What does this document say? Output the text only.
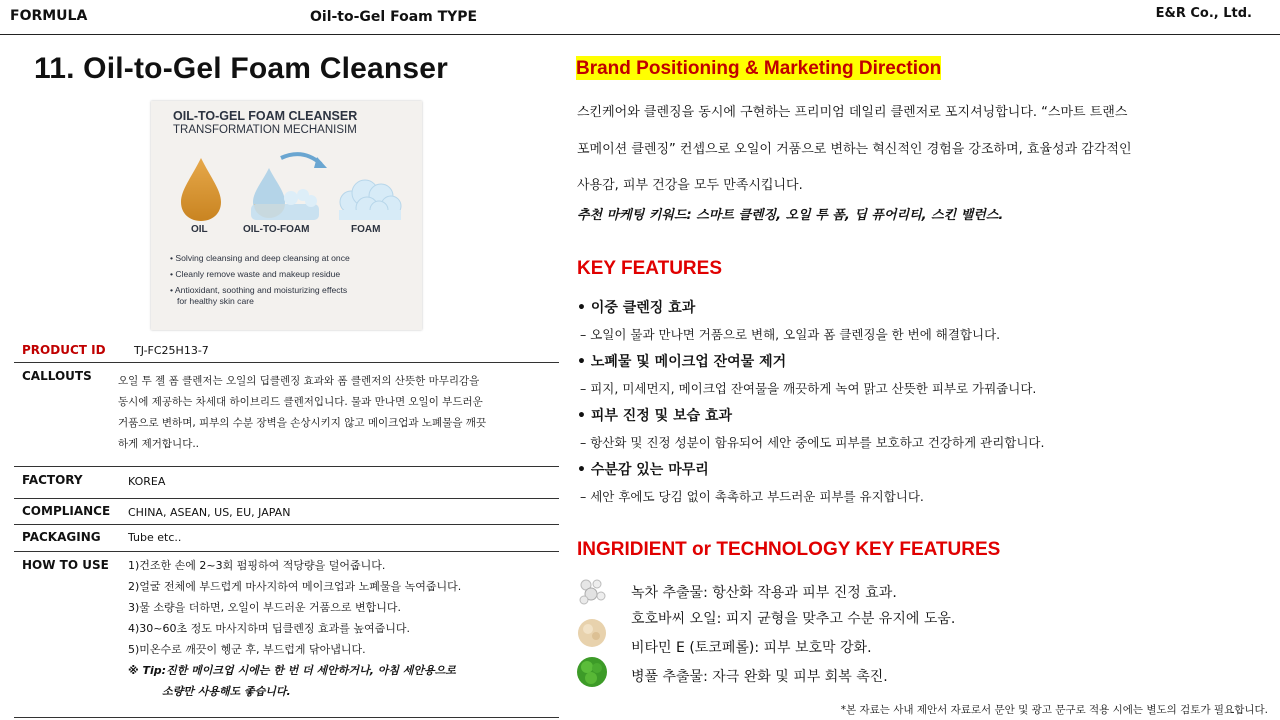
FORMULA	Oil-to-Gel Foam TYPE	E&R Co., Ltd.
11. Oil-to-Gel Foam Cleanser
OIL-TO-GEL FOAM CLEANSER
TRANSFORMATION MECHANISIM
OIL	OIL-TO-FOAM	FOAM
• Solving cleansing and deep cleansing at once
• Cleanly remove waste and makeup residue
• Antioxidant, soothing and moisturizing effects
for healthy skin care
PRODUCT ID	TJ-FC25H13-7
CALLOUTS	오일 투 젤 폼 클렌저는 오일의 딥클렌징 효과와 폼 클렌저의 산뜻한 마무리감을
동시에 제공하는 차세대 하이브리드 클렌저입니다. 물과 만나면 오일이 부드러운
거품으로 변하며, 피부의 수분 장벽을 손상시키지 않고 메이크업과 노폐물을 깨끗
하게 제거합니다..
FACTORY	KOREA
COMPLIANCE CHINA, ASEAN, US, EU, JAPAN
PACKAGING Tube etc..
HOW TO USE 1)건조한 손에 2~3회 펌핑하여 적당량을 덜어줍니다.
2)얼굴 전체에 부드럽게 마사지하여 메이크업과 노폐물을 녹여줍니다.
3)물 소량을 더하면, 오일이 부드러운 거품으로 변합니다.
4)30~60초 정도 마사지하며 딥클렌징 효과를 높여줍니다.
5)미온수로 깨끗이 헹군 후, 부드럽게 닦아냅니다.
※ Tip:진한 메이크업 시에는 한 번 더 세안하거나, 아침 세안용으로
소량만 사용해도 좋습니다.
Brand Positioning & Marketing Direction
스킨케어와 클렌징을 동시에 구현하는 프리미엄 데일리 클렌저로 포지셔닝합니다. “스마트 트랜스
포메이션 클렌징” 컨셉으로 오일이 거품으로 변하는 혁신적인 경험을 강조하며, 효율성과 감각적인
사용감, 피부 건강을 모두 만족시킵니다.
추천 마케팅 키워드: 스마트 클렌징, 오일 투 폼, 딥 퓨어리티, 스킨 밸런스.
KEY FEATURES
• 이중 클렌징 효과
– 오일이 물과 만나면 거품으로 변해, 오일과 폼 클렌징을 한 번에 해결합니다.
• 노폐물 및 메이크업 잔여물 제거
– 피지, 미세먼지, 메이크업 잔여물을 깨끗하게 녹여 맑고 산뜻한 피부로 가꿔줍니다.
• 피부 진정 및 보습 효과
– 항산화 및 진정 성분이 함유되어 세안 중에도 피부를 보호하고 건강하게 관리합니다.
• 수분감 있는 마무리
– 세안 후에도 당김 없이 촉촉하고 부드러운 피부를 유지합니다.
INGRIDIENT or TECHNOLOGY KEY FEATURES
녹차 추출물: 항산화 작용과 피부 진정 효과.
호호바씨 오일: 피지 균형을 맞추고 수분 유지에 도움.
비타민 E (토코페롤): 피부 보호막 강화.
병풀 추출물: 자극 완화 및 피부 회복 촉진.
*본 자료는 사내 제안서 자료로서 문안 및 광고 문구로 적용 시에는 별도의 검토가 필요합니다.
